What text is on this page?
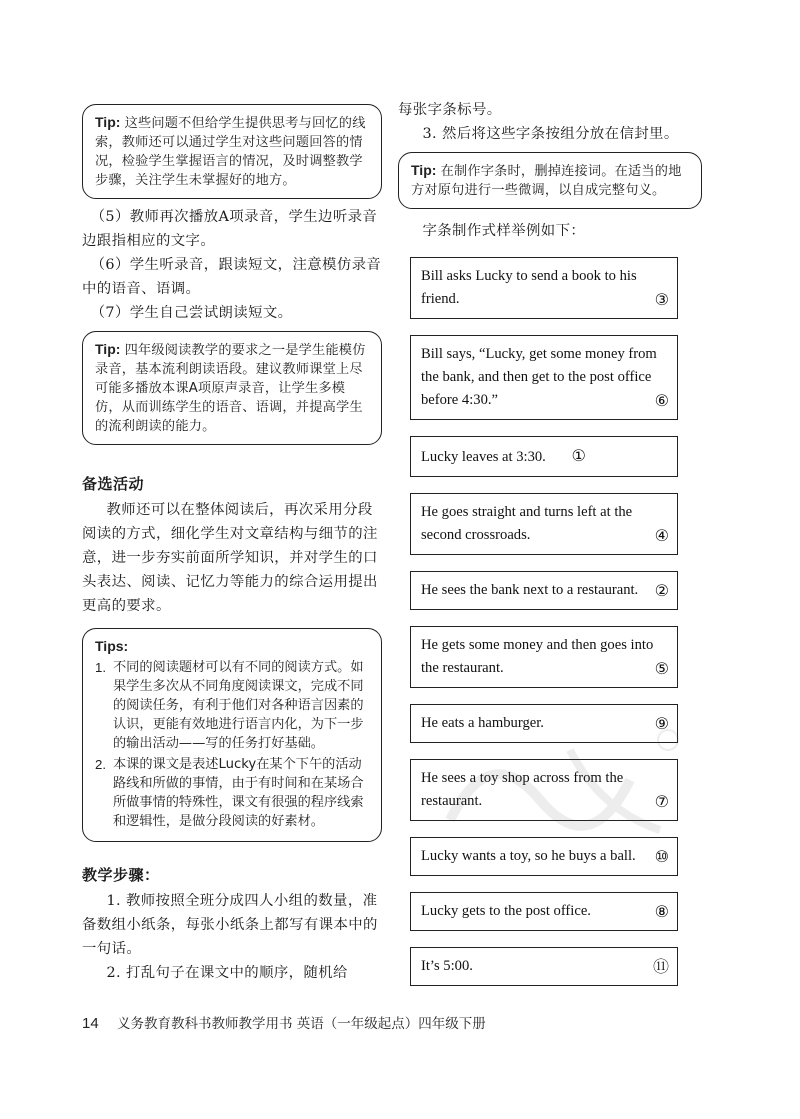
Tip: 这些问题不但给学生提供思考与回忆的线索，教师还可以通过学生对这些问题回答的情况，检验学生掌握语言的情况，及时调整教学步骤，关注学生未掌握好的地方。

（5）教师再次播放A项录音，学生边听录音边跟指相应的文字。

（6）学生听录音，跟读短文，注意模仿录音中的语音、语调。

（7）学生自己尝试朗读短文。

Tip: 四年级阅读教学的要求之一是学生能模仿录音，基本流利朗读语段。建议教师课堂上尽可能多播放本课A项原声录音，让学生多模仿，从而训练学生的语音、语调，并提高学生的流利朗读的能力。
备选活动

教师还可以在整体阅读后，再次采用分段阅读的方式，细化学生对文章结构与细节的注意，进一步夯实前面所学知识，并对学生的口头表达、阅读、记忆力等能力的综合运用提出更高的要求。

Tips:
1. 不同的阅读题材可以有不同的阅读方式。如果学生多次从不同角度阅读课文，完成不同的阅读任务，有利于他们对各种语言因素的认识，更能有效地进行语言内化，为下一步的输出活动——写的任务打好基础。
2. 本课的课文是表述Lucky在某个下午的活动路线和所做的事情，由于有时间和在某场合所做事情的特殊性，课文有很强的程序线索和逻辑性，是做分段阅读的好素材。
教学步骤：

1. 教师按照全班分成四人小组的数量，准备数组小纸条，每张小纸条上都写有课本中的一句话。

2. 打乱句子在课文中的顺序，随机给

每张字条标号。

3. 然后将这些字条按组分放在信封里。

Tip: 在制作字条时，删掉连接词。在适当的地方对原句进行一些微调，以自成完整句义。

字条制作式样举例如下：

Bill asks Lucky to send a book to his friend.	③
Bill says, “Lucky, get some money from the bank, and then get to the post office before 4:30.”	⑥
Lucky leaves at 3:30. ①
He goes straight and turns left at the second crossroads.	④
He sees the bank next to a restaurant. ②
He gets some money and then goes into the restaurant.	⑤
He eats a hamburger.	⑨
He sees a toy shop across from the restaurant.	⑦
Lucky wants a toy, so he buys a ball. ⑩
Lucky gets to the post office.	⑧
It’s 5:00.	⑪
14 义务教育教科书教师教学用书 英语（一年级起点）四年级下册
